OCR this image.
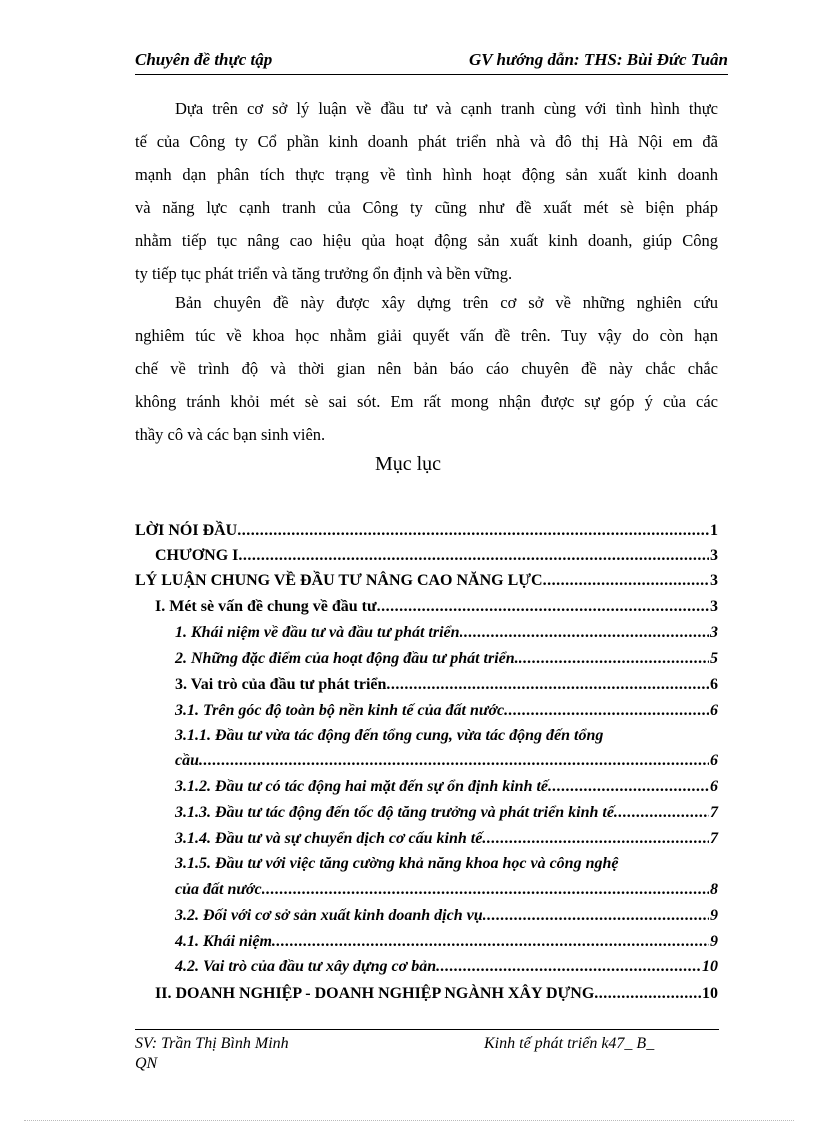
Chuyên đề thực tập	GV hướng dẫn: THS: Bùi Đức Tuân
Dựa trên cơ sở lý luận về đầu tư và cạnh tranh cùng với tình hình thực
tế của Công ty Cổ phần kinh doanh phát triển nhà và đô thị Hà Nội em đã
mạnh dạn phân tích thực trạng về tình hình hoạt động sản xuất kinh doanh
và năng lực cạnh tranh của Công ty cũng như đề xuất mét sè biện pháp
nhằm tiếp tục nâng cao hiệu qủa hoạt động sản xuất kinh doanh, giúp Công
ty tiếp tục phát triển và tăng trưởng ổn định và bền vững.
Bản chuyên đề này được xây dựng trên cơ sở về những nghiên cứu
nghiêm túc về khoa học nhằm giải quyết vấn đề trên. Tuy vậy do còn hạn
chế về trình độ và thời gian nên bản báo cáo chuyên đề này chắc chắc
không tránh khỏi mét sè sai sót. Em rất mong nhận được sự góp ý của các
thầy cô và các bạn sinh viên.
Mục lục
LỜI NÓI ĐẦU .....	1
CHƯƠNG I .....	3
LÝ LUẬN CHUNG VỀ ĐẦU TƯ NÂNG CAO NĂNG LỰC .....	3
I. Mét sè vấn đề chung về đầu tư .....	3
1. Khái niệm về đầu tư và đầu tư phát triển .....	3
2. Những đặc điểm của hoạt động đầu tư phát triển. .....	5
3. Vai trò của đầu tư phát triển .....	6
3.1. Trên góc độ toàn bộ nền kinh tế của đất nước .....	6
3.1.1. Đầu tư vừa tác động đến tổng cung, vừa tác động đến tổng
cầu .....	6
3.1.2. Đầu tư có tác động hai mặt đến sự ổn định kinh tế .....	6
3.1.3. Đầu tư tác động đến tốc độ tăng trưởng và phát triển kinh tế .....	7
3.1.4. Đầu tư và sự chuyển dịch cơ cấu kinh tế .....	7
3.1.5. Đầu tư với việc tăng cường khả năng khoa học và công nghệ
của đất nước .....	8
3.2. Đối với cơ sở sản xuất kinh doanh dịch vụ .....	9
4.1. Khái niệm .....	9
4.2. Vai trò của đầu tư xây dựng cơ bản .....	10
II. DOANH NGHIỆP - DOANH NGHIỆP NGÀNH XÂY DỰNG .....	10
SV: Trần Thị Bình Minh
QN
Kinh tế phát triển k47_ B_
